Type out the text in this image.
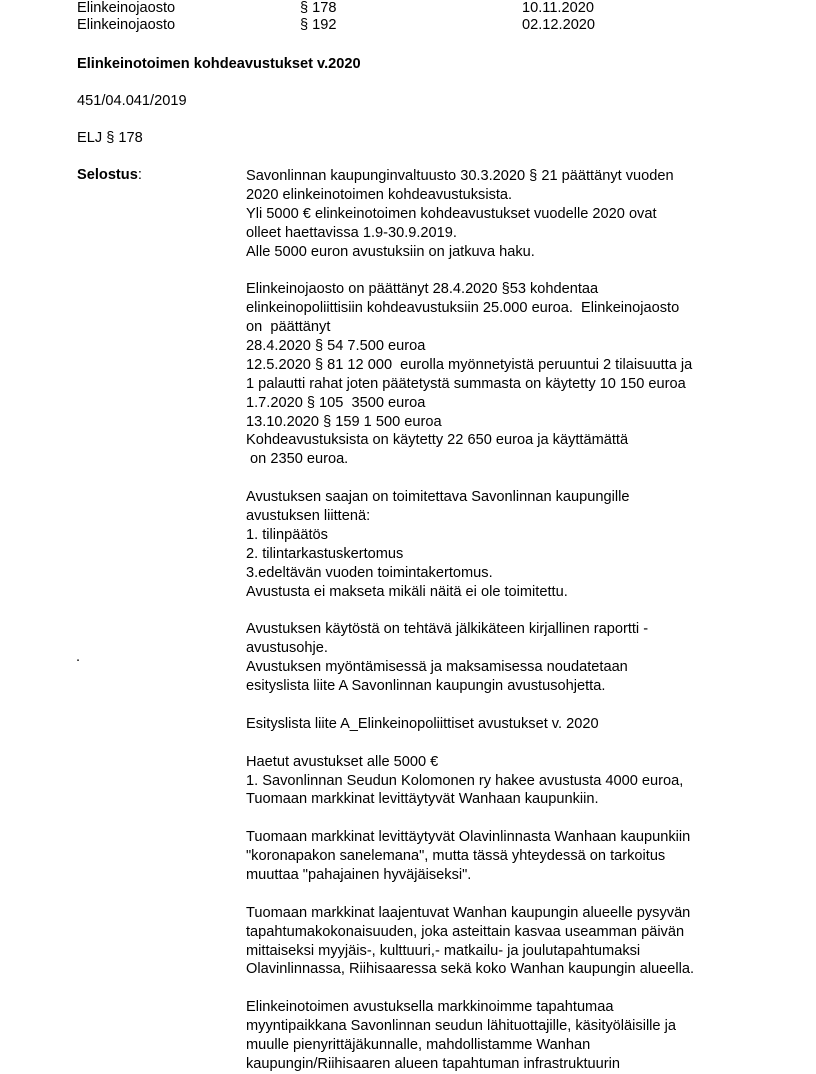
Elinkeinojaosto	§ 178	10.11.2020
Elinkeinojaosto	§ 192	02.12.2020
Elinkeinotoimen kohdeavustukset v.2020
451/04.041/2019
ELJ § 178
Selostus:
.
Savonlinnan kaupunginvaltuusto 30.3.2020 § 21 päättänyt vuoden
2020 elinkeinotoimen kohdeavustuksista.
Yli 5000 € elinkeinotoimen kohdeavustukset vuodelle 2020 ovat
olleet haettavissa 1.9-30.9.2019.
Alle 5000 euron avustuksiin on jatkuva haku.
Elinkeinojaosto on päättänyt 28.4.2020 §53 kohdentaa
elinkeinopoliittisiin kohdeavustuksiin 25.000 euroa.  Elinkeinojaosto
on  päättänyt
28.4.2020 § 54 7.500 euroa
12.5.2020 § 81 12 000  eurolla myönnetyistä peruuntui 2 tilaisuutta ja
1 palautti rahat joten päätetystä summasta on käytetty 10 150 euroa
1.7.2020 § 105  3500 euroa
13.10.2020 § 159 1 500 euroa
Kohdeavustuksista on käytetty 22 650 euroa ja käyttämättä
on 2350 euroa.
Avustuksen saajan on toimitettava Savonlinnan kaupungille
avustuksen liittenä:
1. tilinpäätös
2. tilintarkastuskertomus
3.edeltävän vuoden toimintakertomus.
Avustusta ei makseta mikäli näitä ei ole toimitettu.
Avustuksen käytöstä on tehtävä jälkikäteen kirjallinen raportti -
avustusohje.
Avustuksen myöntämisessä ja maksamisessa noudatetaan
esityslista liite A Savonlinnan kaupungin avustusohjetta.
Esityslista liite A_Elinkeinopoliittiset avustukset v. 2020
Haetut avustukset alle 5000 €
1. Savonlinnan Seudun Kolomonen ry hakee avustusta 4000 euroa,
Tuomaan markkinat levittäytyvät Wanhaan kaupunkiin.
Tuomaan markkinat levittäytyvät Olavinlinnasta Wanhaan kaupunkiin
"koronapakon sanelemana", mutta tässä yhteydessä on tarkoitus
muuttaa "pahajainen hyväjäiseksi".
Tuomaan markkinat laajentuvat Wanhan kaupungin alueelle pysyvän
tapahtumakokonaisuuden, joka asteittain kasvaa useamman päivän
mittaiseksi myyjäis-, kulttuuri,- matkailu- ja joulutapahtumaksi
Olavinlinnassa, Riihisaaressa sekä koko Wanhan kaupungin alueella.
Elinkeinotoimen avustuksella markkinoimme tapahtumaa
myyntipaikkana Savonlinnan seudun lähituottajille, käsityöläisille ja
muulle pienyrittäjäkunnalle, mahdollistamme Wanhan
kaupungin/Riihisaaren alueen tapahtuman infrastruktuurin
